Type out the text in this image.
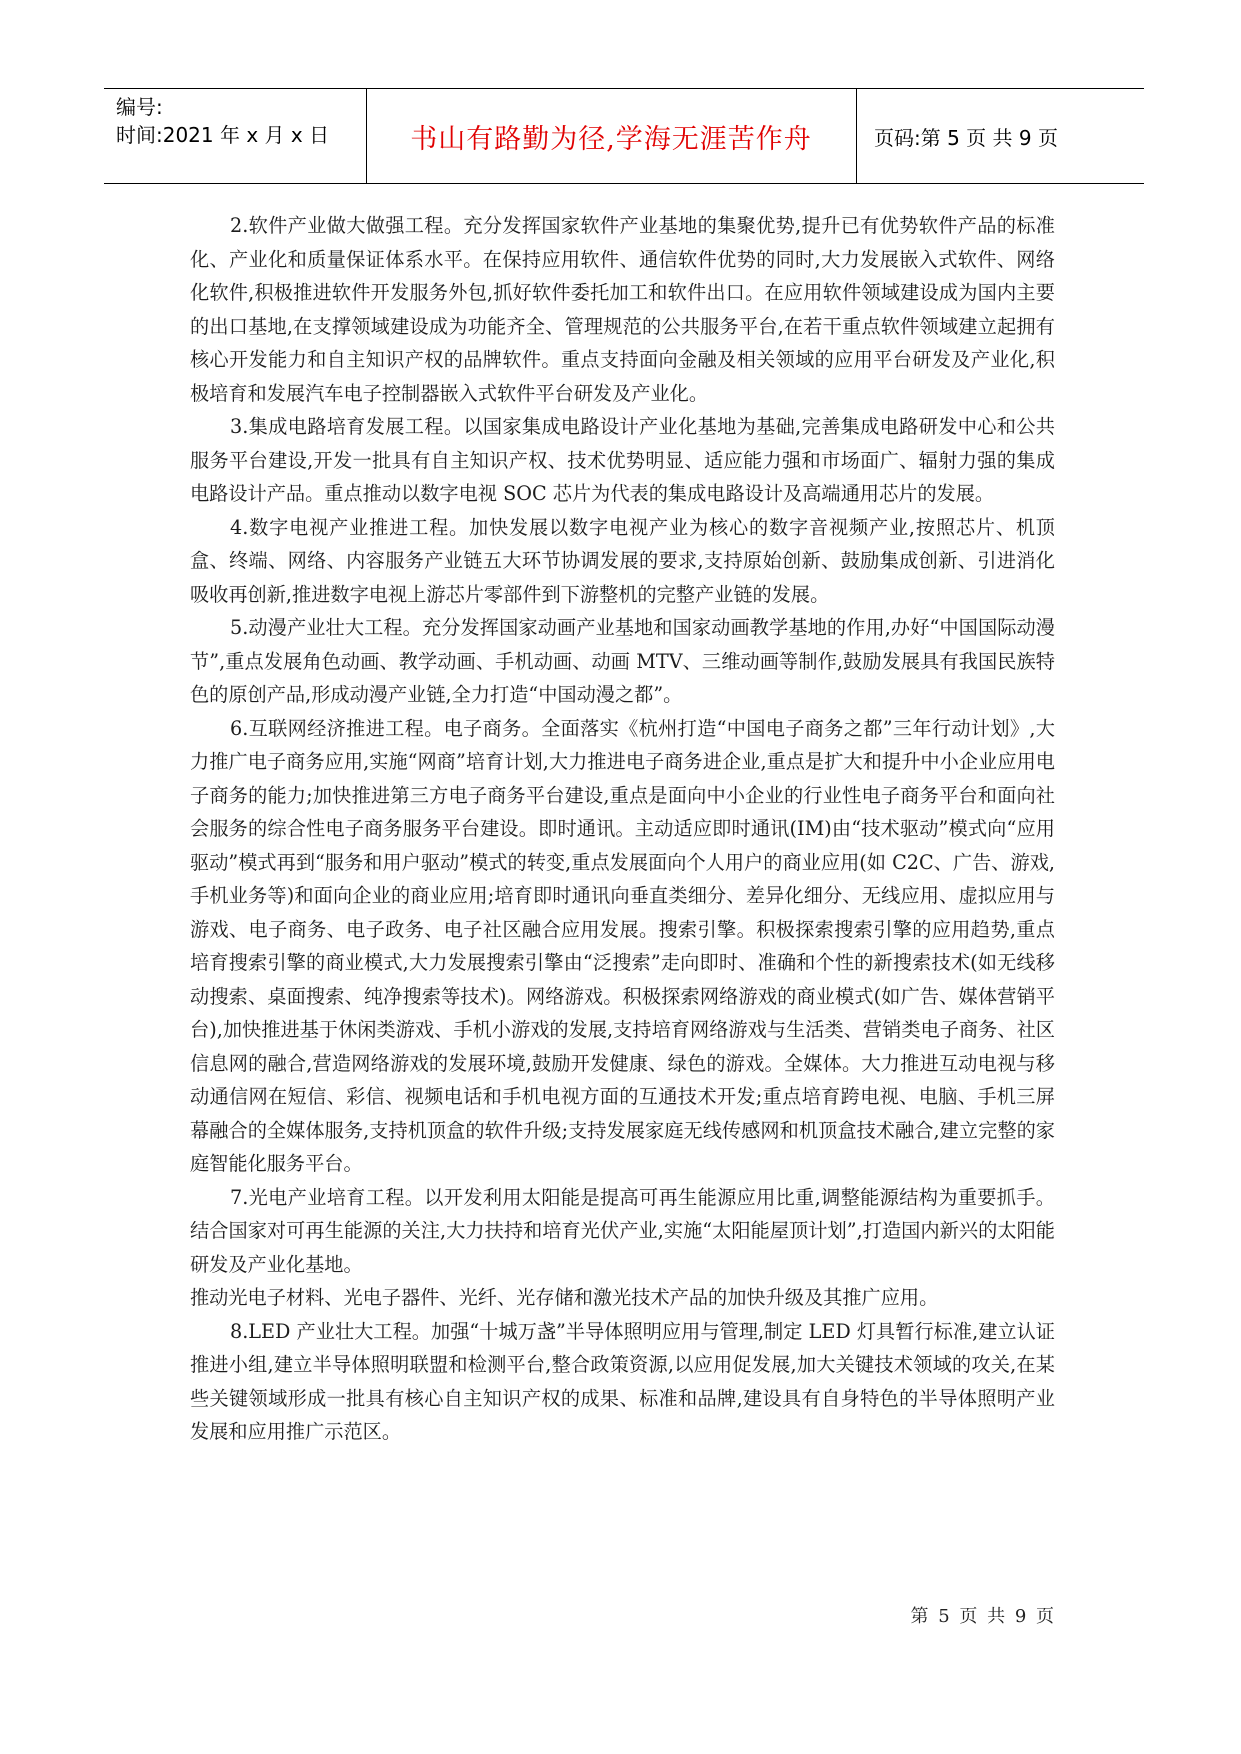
编号:
时间:2021 年 x 月 x 日	书山有路勤为径,学海无涯苦作舟	页码:第 5 页 共 9 页

2.软件产业做大做强工程。充分发挥国家软件产业基地的集聚优势,提升已有优势软件产品的标准化、产业化和质量保证体系水平。在保持应用软件、通信软件优势的同时,大力发展嵌入式软件、网络化软件,积极推进软件开发服务外包,抓好软件委托加工和软件出口。在应用软件领域建设成为国内主要的出口基地,在支撑领域建设成为功能齐全、管理规范的公共服务平台,在若干重点软件领域建立起拥有核心开发能力和自主知识产权的品牌软件。重点支持面向金融及相关领域的应用平台研发及产业化,积极培育和发展汽车电子控制器嵌入式软件平台研发及产业化。

3.集成电路培育发展工程。以国家集成电路设计产业化基地为基础,完善集成电路研发中心和公共服务平台建设,开发一批具有自主知识产权、技术优势明显、适应能力强和市场面广、辐射力强的集成电路设计产品。重点推动以数字电视 SOC 芯片为代表的集成电路设计及高端通用芯片的发展。

4.数字电视产业推进工程。加快发展以数字电视产业为核心的数字音视频产业,按照芯片、机顶盒、终端、网络、内容服务产业链五大环节协调发展的要求,支持原始创新、鼓励集成创新、引进消化吸收再创新,推进数字电视上游芯片零部件到下游整机的完整产业链的发展。

5.动漫产业壮大工程。充分发挥国家动画产业基地和国家动画教学基地的作用,办好“中国国际动漫节”,重点发展角色动画、教学动画、手机动画、动画 MTV、三维动画等制作,鼓励发展具有我国民族特色的原创产品,形成动漫产业链,全力打造“中国动漫之都”。

6.互联网经济推进工程。电子商务。全面落实《杭州打造“中国电子商务之都”三年行动计划》,大力推广电子商务应用,实施“网商”培育计划,大力推进电子商务进企业,重点是扩大和提升中小企业应用电子商务的能力;加快推进第三方电子商务平台建设,重点是面向中小企业的行业性电子商务平台和面向社会服务的综合性电子商务服务平台建设。即时通讯。主动适应即时通讯(IM)由“技术驱动”模式向“应用驱动”模式再到“服务和用户驱动”模式的转变,重点发展面向个人用户的商业应用(如 C2C、广告、游戏,手机业务等)和面向企业的商业应用;培育即时通讯向垂直类细分、差异化细分、无线应用、虚拟应用与游戏、电子商务、电子政务、电子社区融合应用发展。搜索引擎。积极探索搜索引擎的应用趋势,重点培育搜索引擎的商业模式,大力发展搜索引擎由“泛搜索”走向即时、准确和个性的新搜索技术(如无线移动搜索、桌面搜索、纯净搜索等技术)。网络游戏。积极探索网络游戏的商业模式(如广告、媒体营销平台),加快推进基于休闲类游戏、手机小游戏的发展,支持培育网络游戏与生活类、营销类电子商务、社区信息网的融合,营造网络游戏的发展环境,鼓励开发健康、绿色的游戏。全媒体。大力推进互动电视与移动通信网在短信、彩信、视频电话和手机电视方面的互通技术开发;重点培育跨电视、电脑、手机三屏幕融合的全媒体服务,支持机顶盒的软件升级;支持发展家庭无线传感网和机顶盒技术融合,建立完整的家庭智能化服务平台。

7.光电产业培育工程。以开发利用太阳能是提高可再生能源应用比重,调整能源结构为重要抓手。结合国家对可再生能源的关注,大力扶持和培育光伏产业,实施“太阳能屋顶计划”,打造国内新兴的太阳能研发及产业化基地。

推动光电子材料、光电子器件、光纤、光存储和激光技术产品的加快升级及其推广应用。

8.LED 产业壮大工程。加强“十城万盏”半导体照明应用与管理,制定 LED 灯具暂行标准,建立认证推进小组,建立半导体照明联盟和检测平台,整合政策资源,以应用促发展,加大关键技术领域的攻关,在某些关键领域形成一批具有核心自主知识产权的成果、标准和品牌,建设具有自身特色的半导体照明产业发展和应用推广示范区。

第 5 页 共 9 页
